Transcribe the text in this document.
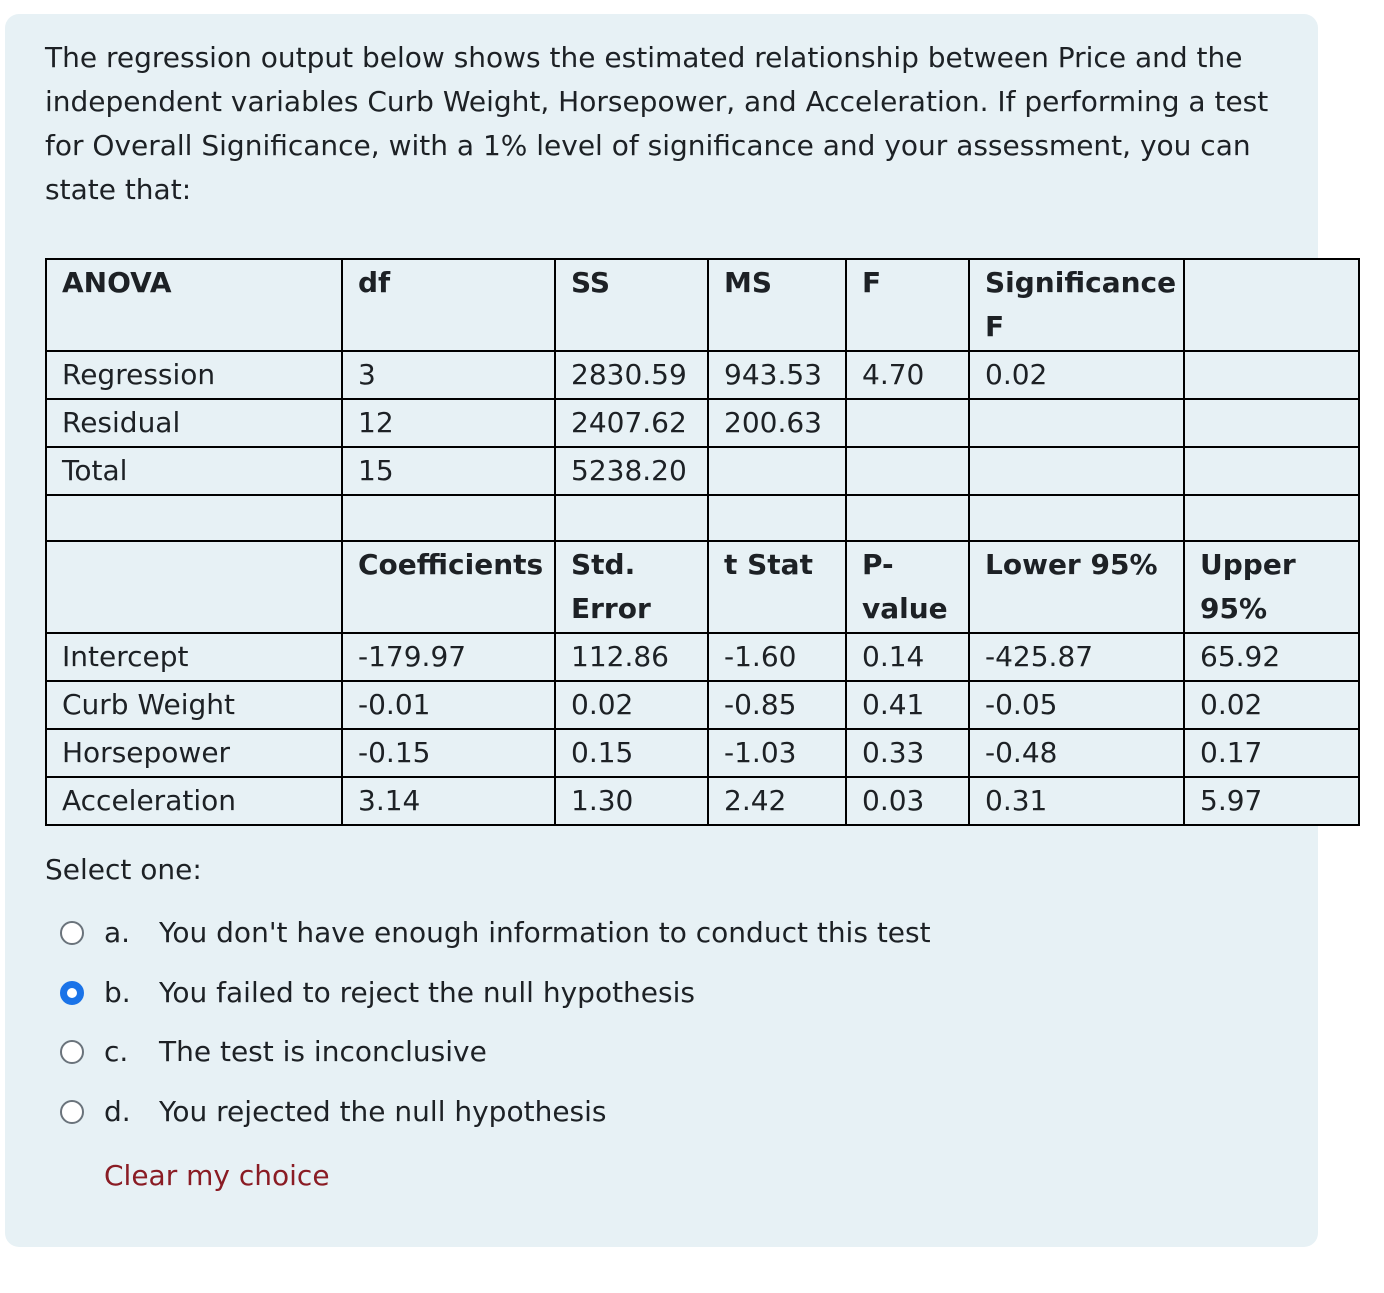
The regression output below shows the estimated relationship between Price and the independent variables Curb Weight, Horsepower, and Acceleration. If performing a test for Overall Significance, with a 1% level of significance and your assessment, you can state that:

ANOVA	df	SS	MS	F	Significance F	
Regression	3	2830.59	943.53	4.70	0.02	
Residual	12	2407.62	200.63			
Total	15	5238.20				

	Coefficients	Std. Error	t Stat	P-value	Lower 95%	Upper 95%
Intercept	-179.97	112.86	-1.60	0.14	-425.87	65.92
Curb Weight	-0.01	0.02	-0.85	0.41	-0.05	0.02
Horsepower	-0.15	0.15	-1.03	0.33	-0.48	0.17
Acceleration	3.14	1.30	2.42	0.03	0.31	5.97

Select one:

a. You don't have enough information to conduct this test
b. You failed to reject the null hypothesis
c. The test is inconclusive
d. You rejected the null hypothesis
Clear my choice
